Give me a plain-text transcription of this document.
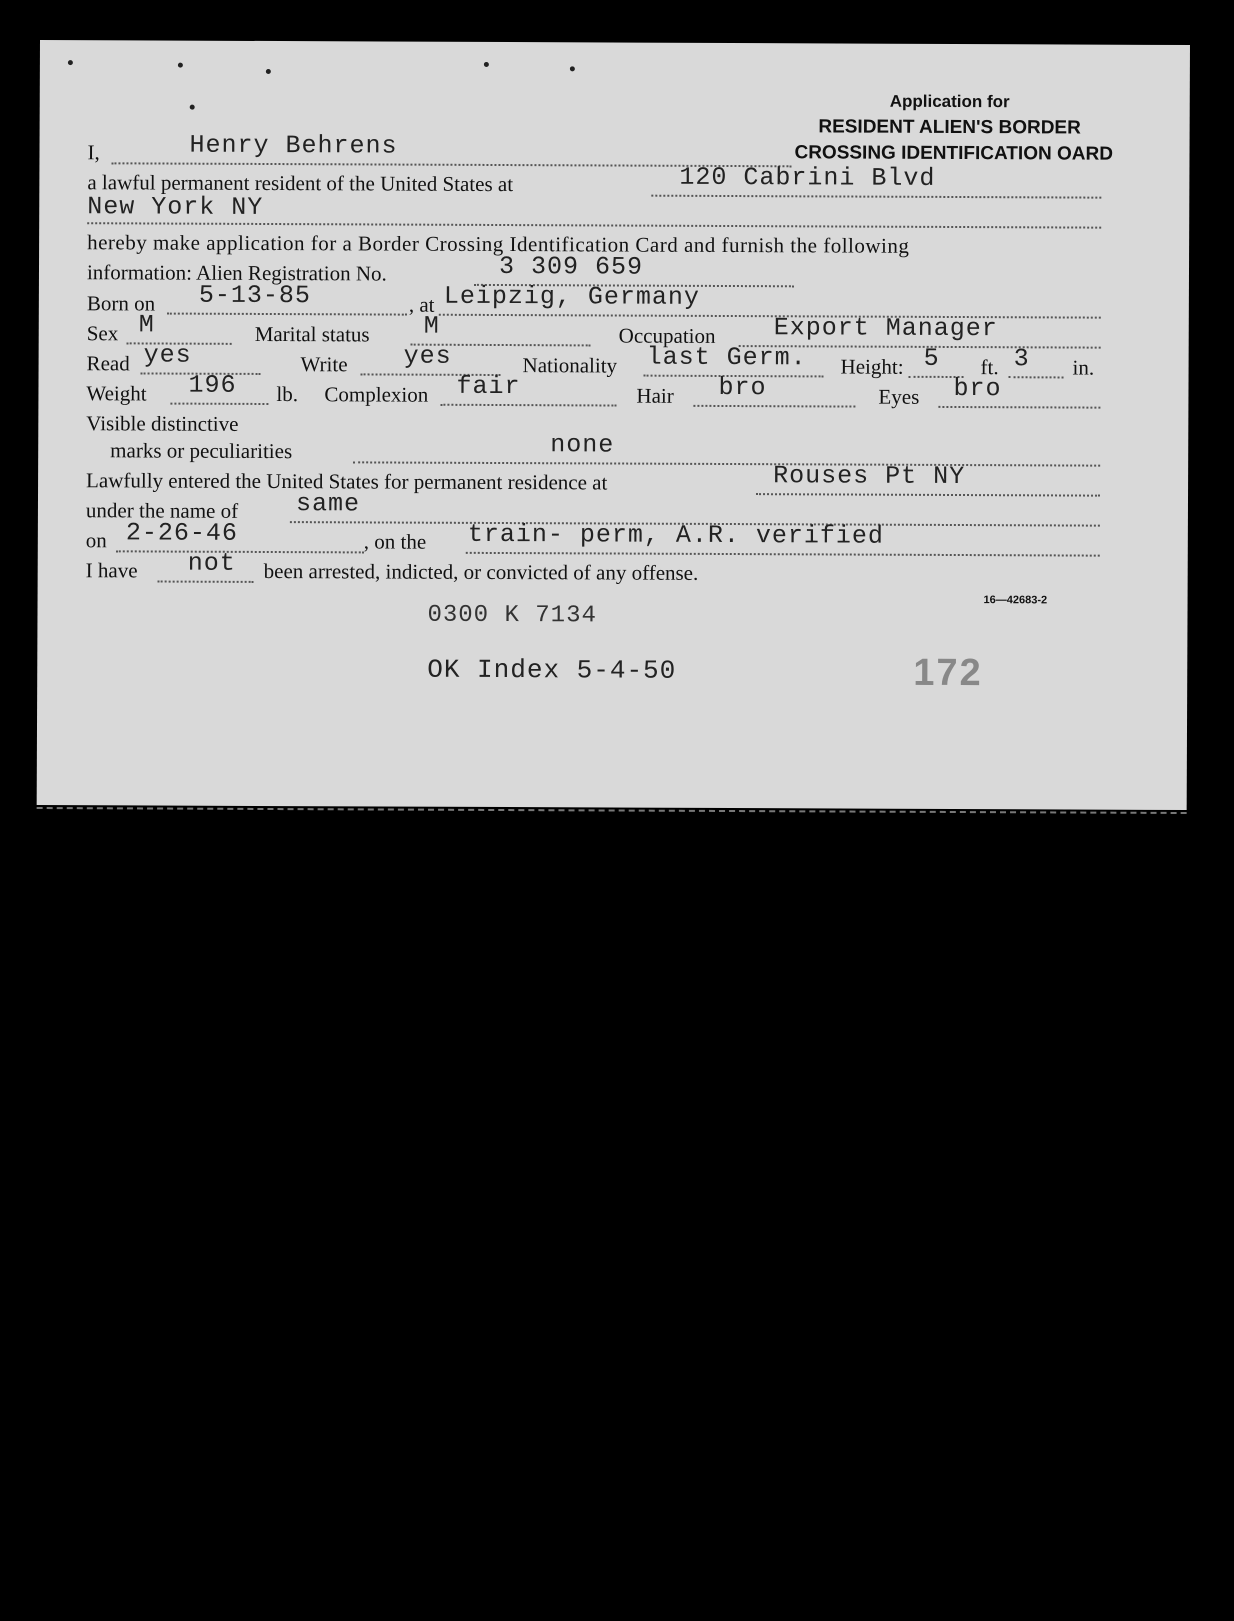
Application for
RESIDENT ALIEN'S BORDER
CROSSING IDENTIFICATION OARD
I,	Henry Behrens
a lawful permanent resident of the United States at	120 Cabrini Blvd
New York NY
hereby make application for a Border Crossing Identification Card and furnish the following
information: Alien Registration No.	3 309 659
Born on 5-13-85	, at Leipzig, Germany
Sex M	Marital status M	Occupation Export Manager
Read yes	Write yes	Nationality last Germ. Height: 5 ft. 3 in.
Weight 196 lb. Complexion fair	Hair bro	Eyes bro
Visible distinctive
marks or peculiarities	none
Lawfully entered the United States for permanent residence at	Rouses Pt NY
under the name of same
on 2-26-46	, on the train- perm, A.R. verified
I have not been arrested, indicted, or convicted of any offense.
16—42683-2
0300 K 7134
OK Index 5-4-50	172
